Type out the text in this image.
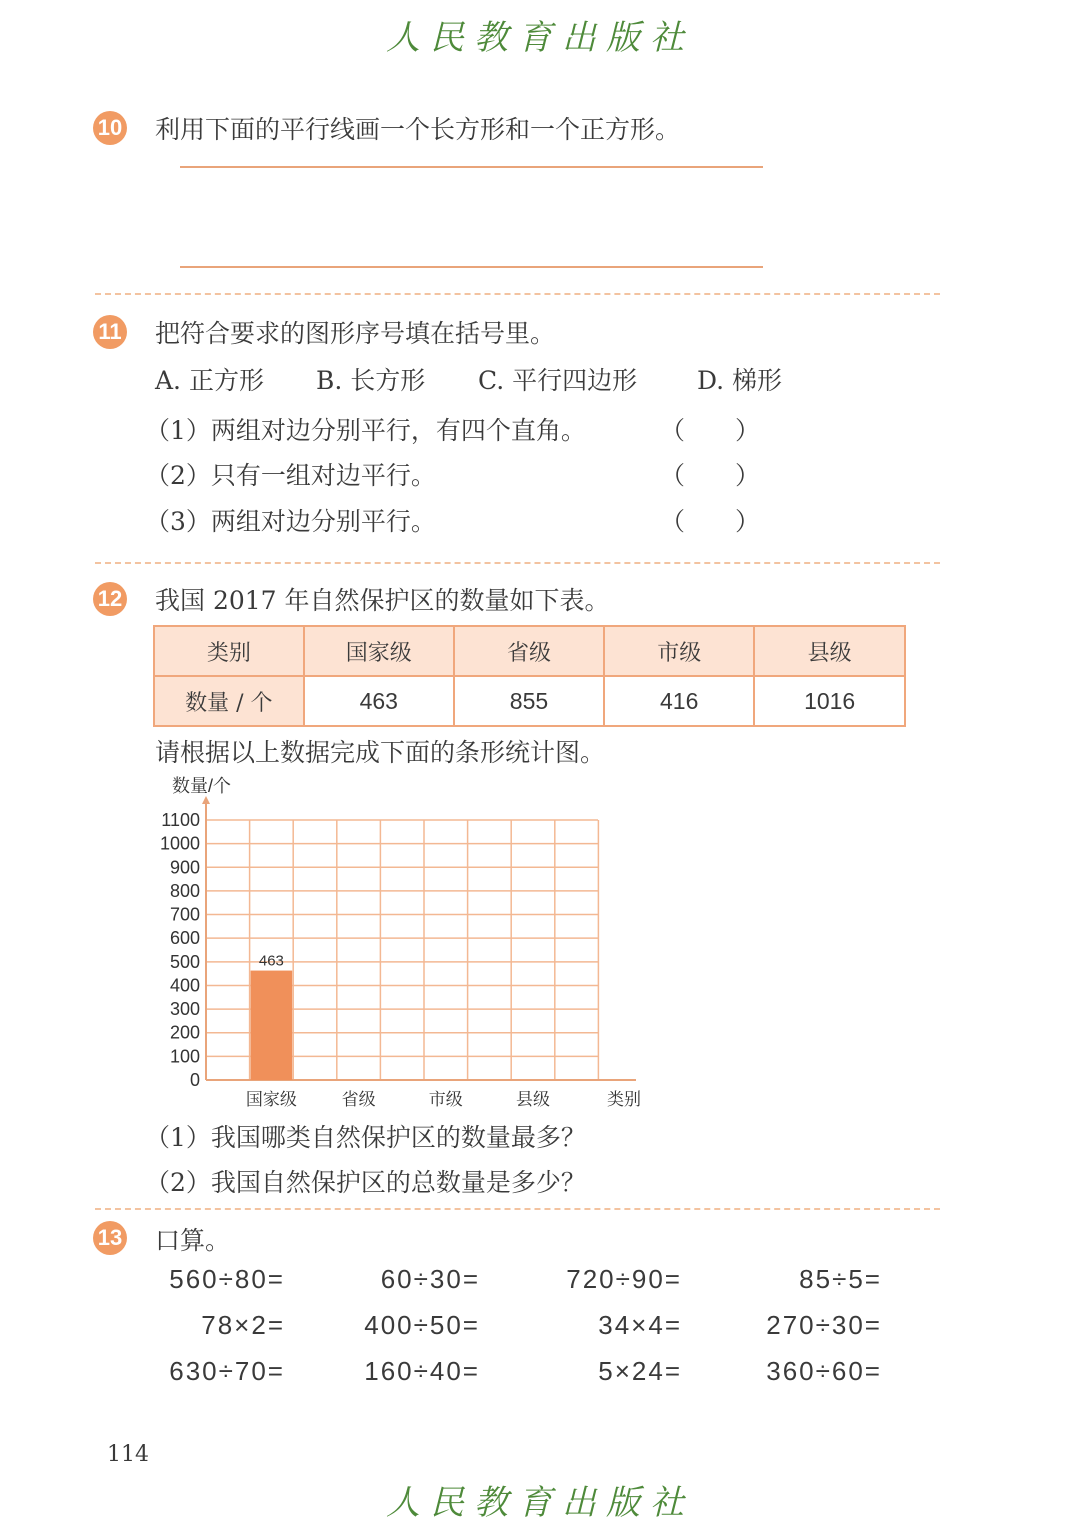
人民教育出版社
10 利用下面的平行线画一个长方形和一个正方形。
11 把符合要求的图形序号填在括号里。
A. 正方形 B. 长方形 C. 平行四边形 D. 梯形
（1）两组对边分别平行，有四个直角。	（　　）
（2）只有一组对边平行。	（　　）
（3）两组对边分别平行。	（　　）
12 我国 2017 年自然保护区的数量如下表。
类别	国家级	省级	市级	县级
数量 / 个	463	855	416	1016
请根据以上数据完成下面的条形统计图。
0
100
200
300
400
500
600
700
800
900
1000
1100
数量/个
国家级
463
省级	市级	县级	类别
（1）我国哪类自然保护区的数量最多？
（2）我国自然保护区的总数量是多少？
13 口算。
560÷80=	60÷30=	720÷90=	85÷5=
78×2=	400÷50=	34×4=	270÷30=
630÷70=	160÷40=	5×24=	360÷60=
114
人民教育出版社
